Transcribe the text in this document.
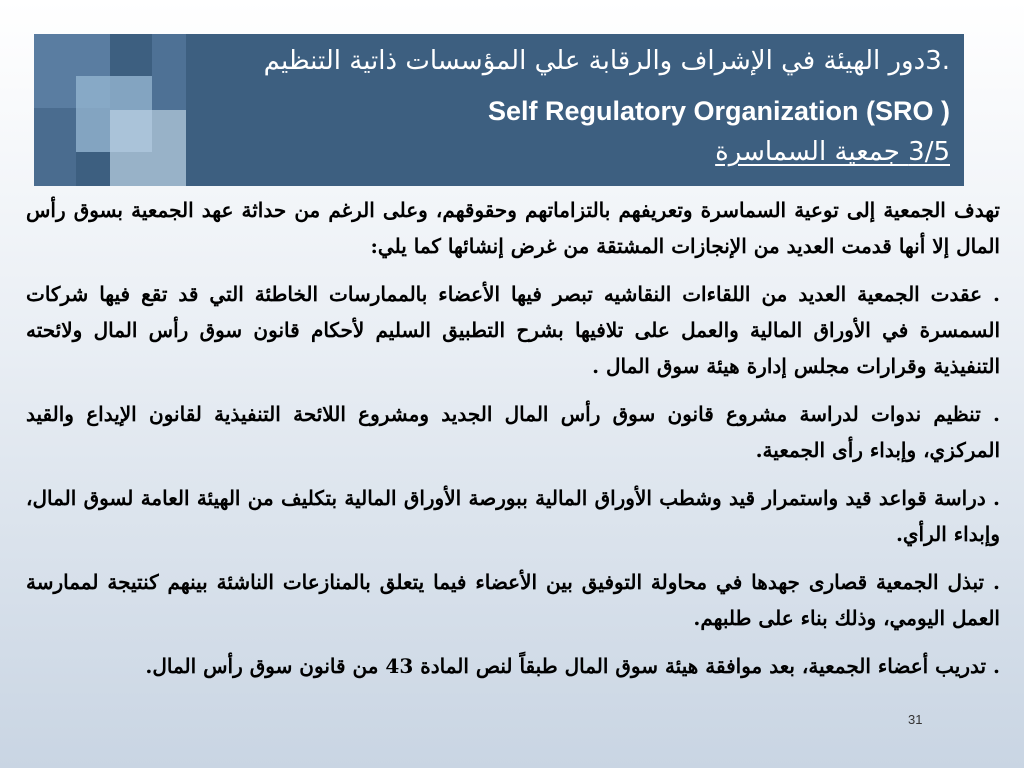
.3دور الهيئة في الإشراف والرقابة علي المؤسسات ذاتية التنظيم
Self Regulatory Organization (SRO )
3/5 جمعية السماسرة

تهدف الجمعية إلى توعية السماسرة وتعريفهم بالتزاماتهم وحقوقهم، وعلى الرغم من حداثة عهد الجمعية بسوق رأس المال إلا أنها قدمت العديد من الإنجازات المشتقة من غرض إنشائها كما يلي:

. عقدت الجمعية العديد من اللقاءات النقاشيه تبصر فيها الأعضاء بالممارسات الخاطئة التي قد تقع فيها شركات السمسرة في الأوراق المالية والعمل على تلافيها بشرح التطبيق السليم لأحكام قانون سوق رأس المال ولائحته التنفيذية وقرارات مجلس إدارة هيئة سوق المال .

. تنظيم ندوات لدراسة مشروع قانون سوق رأس المال الجديد ومشروع اللائحة التنفيذية لقانون الإيداع والقيد المركزي، وإبداء رأى الجمعية.

. دراسة قواعد قيد واستمرار قيد وشطب الأوراق المالية ببورصة الأوراق المالية بتكليف من الهيئة العامة لسوق المال، وإبداء الرأي.

. تبذل الجمعية قصارى جهدها في محاولة التوفيق بين الأعضاء فيما يتعلق بالمنازعات الناشئة بينهم كنتيجة لممارسة العمل اليومي، وذلك بناء على طلبهم.

. تدريب أعضاء الجمعية، بعد موافقة هيئة سوق المال طبقاً لنص المادة 43 من قانون سوق رأس المال.

31
